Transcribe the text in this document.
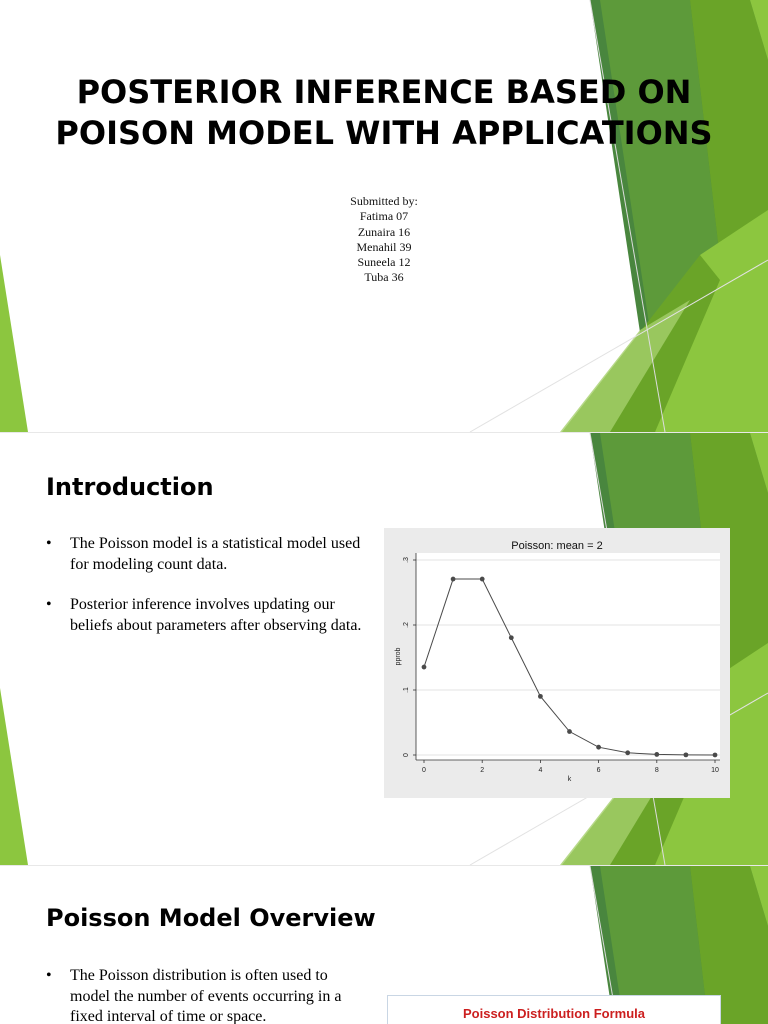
POSTERIOR INFERENCE BASED ON POISON MODEL WITH APPLICATIONS
Submitted by:
Fatima 07
Zunaira 16
Menahil 39
Suneela 12
Tuba 36
Introduction
• The Poisson model is a statistical model used for modeling count data.
• Posterior inference involves updating our beliefs about parameters after observing data.
0
.1
.2
.3
0	2	4	6	8	10
Poisson: mean = 2
k
pprob
Poisson Model Overview
• The Poisson distribution is often used to model the number of events occurring in a fixed interval of time or space.	Poisson Distribution Formula
